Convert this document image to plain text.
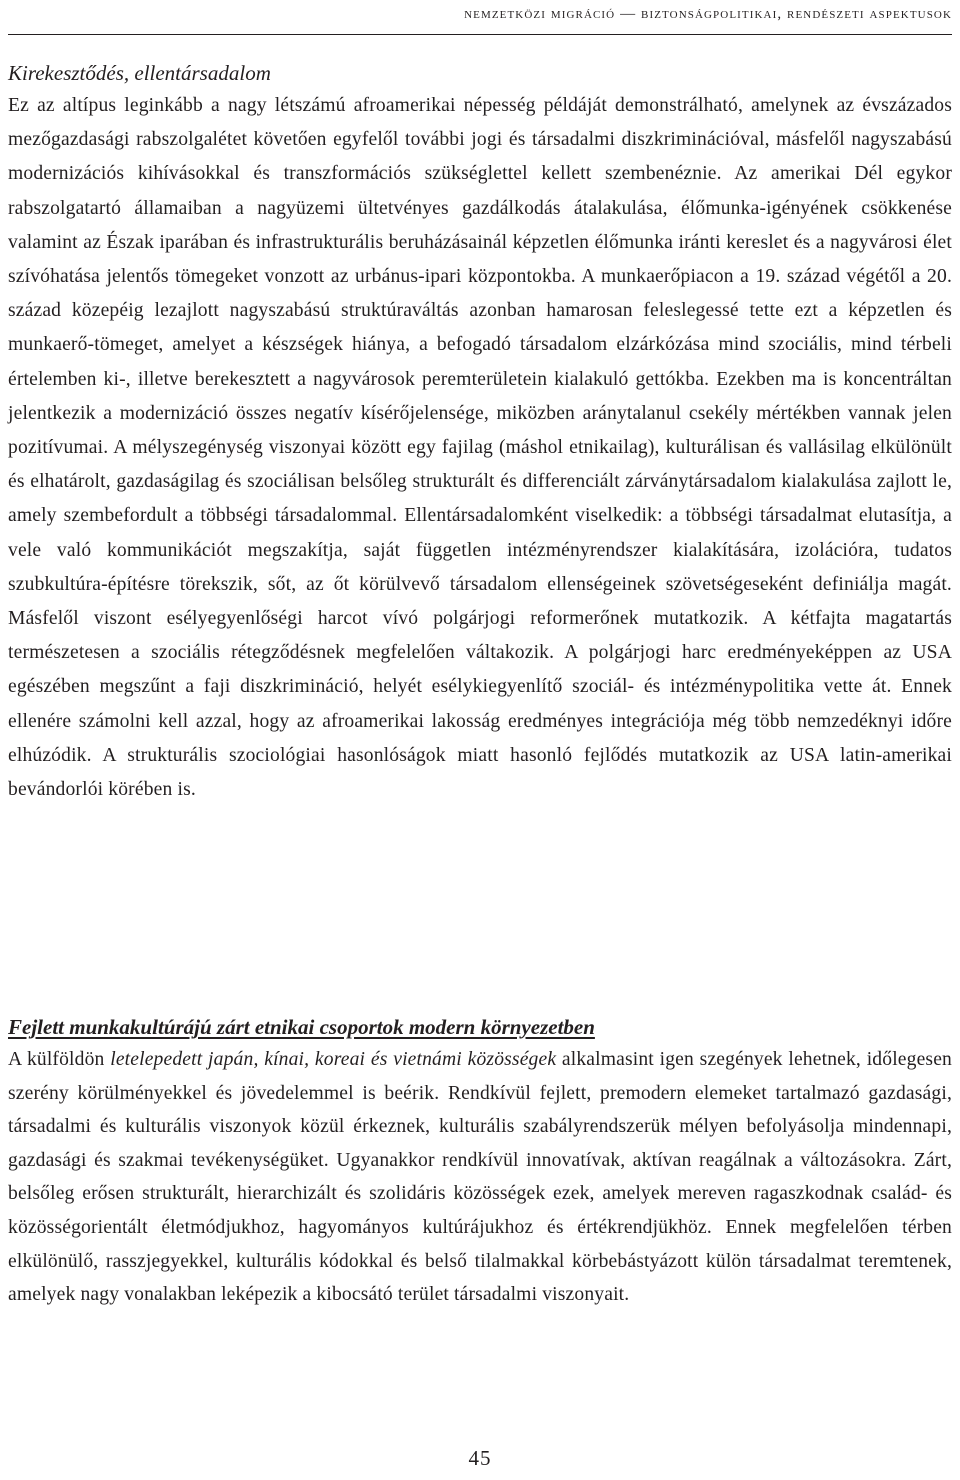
nemzetközi migráció — biztonságpolitikai, rendészeti aspektusok
Kirekesztődés, ellentársadalom

Ez az altípus leginkább a nagy létszámú afroamerikai népesség példáját demonstrálható, amelynek az évszázados mezőgazdasági rabszolgalétet követően egyfelől további jogi és társadalmi diszkriminációval, másfelől nagyszabású modernizációs kihívásokkal és transzformációs szükséglettel kellett szembenéznie. Az amerikai Dél egykor rabszolgatartó államaiban a nagyüzemi ültetvényes gazdálkodás átalakulása, élőmunka-igényének csökkenése valamint az Észak iparában és infrastrukturális beruházásainál képzetlen élőmunka iránti kereslet és a nagyvárosi élet szívóhatása jelentős tömegeket vonzott az urbánus-ipari központokba. A munkaerőpiacon a 19. század végétől a 20. század közepéig lezajlott nagyszabású struktúraváltás azonban hamarosan feleslegessé tette ezt a képzetlen és munkaerő-tömeget, amelyet a készségek hiánya, a befogadó társadalom elzárkózása mind szociális, mind térbeli értelemben ki-, illetve berekesztett a nagyvárosok peremterületein kialakuló gettókba. Ezekben ma is koncentráltan jelentkezik a modernizáció összes negatív kísérőjelensége, miközben aránytalanul csekély mértékben vannak jelen pozitívumai. A mélyszegénység viszonyai között egy fajilag (máshol etnikailag), kulturálisan és vallásilag elkülönült és elhatárolt, gazdaságilag és szociálisan belsőleg strukturált és differenciált zárványtársadalom kialakulása zajlott le, amely szembefordult a többségi társadalommal. Ellentársadalomként viselkedik: a többségi társadalmat elutasítja, a vele való kommunikációt megszakítja, saját független intézményrendszer kialakítására, izolációra, tudatos szubkultúra-építésre törekszik, sőt, az őt körülvevő társadalom ellenségeinek szövetségeseként definiálja magát. Másfelől viszont esélyegyenlőségi harcot vívó polgárjogi reformerőnek mutatkozik. A kétfajta magatartás természetesen a szociális rétegződésnek megfelelően váltakozik. A polgárjogi harc eredményeképpen az USA egészében megszűnt a faji diszkrimináció, helyét esélykiegyenlítő szociál- és intézménypolitika vette át. Ennek ellenére számolni kell azzal, hogy az afroamerikai lakosság eredményes integrációja még több nemzedéknyi időre elhúzódik. A strukturális szociológiai hasonlóságok miatt hasonló fejlődés mutatkozik az USA latin-amerikai bevándorlói körében is.

Fejlett munkakultúrájú zárt etnikai csoportok modern környezetben

A külföldön letelepedett japán, kínai, koreai és vietnámi közösségek alkalmasint igen szegények lehetnek, időlegesen szerény körülményekkel és jövedelemmel is beérik. Rendkívül fejlett, premodern elemeket tartalmazó gazdasági, társadalmi és kulturális viszonyok közül érkeznek, kulturális szabályrendszerük mélyen befolyásolja mindennapi, gazdasági és szakmai tevékenységüket. Ugyanakkor rendkívül innovatívak, aktívan reagálnak a változásokra. Zárt, belsőleg erősen strukturált, hierarchizált és szolidáris közösségek ezek, amelyek mereven ragaszkodnak család- és közösségorientált életmódjukhoz, hagyományos kultúrájukhoz és értékrendjükhöz. Ennek megfelelően térben elkülönülő, rasszjegyekkel, kulturális kódokkal és belső tilalmakkal körbebástyázott külön társadalmat teremtenek, amelyek nagy vonalakban leképezik a kibocsátó terület társadalmi viszonyait.

45
